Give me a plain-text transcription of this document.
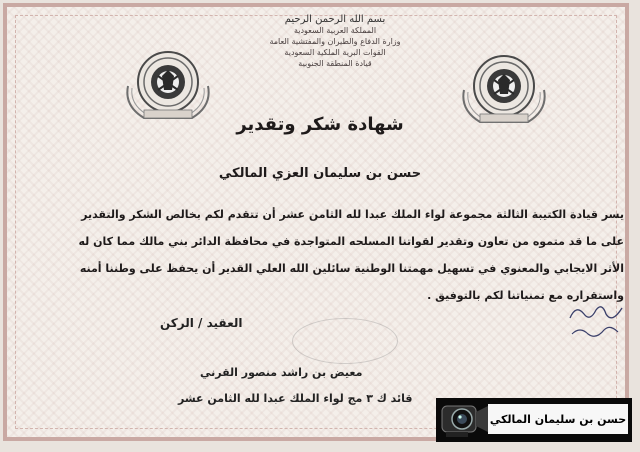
بسم الله الرحمن الرحيم
المملكة العربية السعودية
وزارة الدفاع والطيران والمفتشية العامة
القوات البرية الملكية السعودية
قيادة المنطقة الجنوبية
شهادة شكر وتقدير
حسن بن سليمان العزي المالكي
يسر قيادة الكتيبة الثالثة مجموعة لواء الملك عبدا لله الثامن عشر أن تتقدم لكم بخالص الشكر والتقدير
على ما قد متموه من تعاون وتقدير لقواتنا المسلحه المتواجدة في محافظة الدائر بني مالك مما كان له
الأثر الايجابي والمعنوي في تسهيل مهمتنا الوطنية سائلين الله العلي القدير أن يحفظ على وطننا أمنه
واستقراره مع تمنياتنا لكم بالتوفيق .
العقيد / الركن
معيض بن راشد منصور القرني
قائد ك ٣ مج لواء الملك عبدا لله الثامن عشر
حسن بن سليمان المالكي
